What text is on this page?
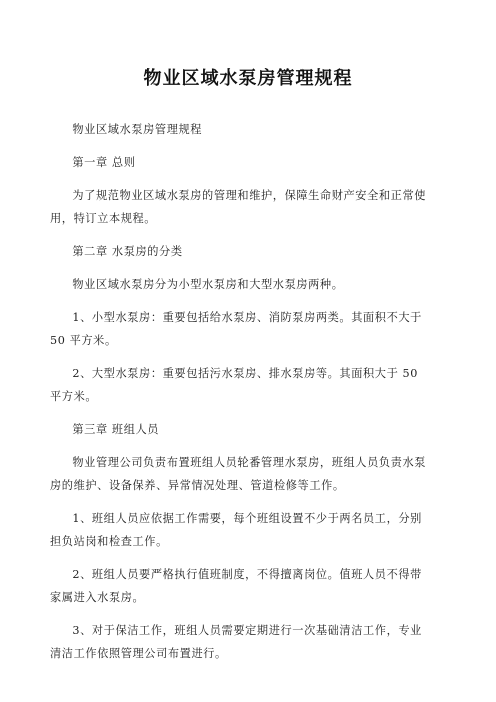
物业区域水泵房管理规程

物业区域水泵房管理规程

第一章 总则

为了规范物业区域水泵房的管理和维护，保障生命财产安全和正常使用，特订立本规程。

第二章 水泵房的分类

物业区域水泵房分为小型水泵房和大型水泵房两种。

1、小型水泵房：重要包括给水泵房、消防泵房两类。其面积不大于 50 平方米。

2、大型水泵房：重要包括污水泵房、排水泵房等。其面积大于 50 平方米。

第三章 班组人员

物业管理公司负责布置班组人员轮番管理水泵房，班组人员负责水泵房的维护、设备保养、异常情况处理、管道检修等工作。

1、班组人员应依据工作需要，每个班组设置不少于两名员工，分别担负站岗和检查工作。

2、班组人员要严格执行值班制度，不得擅离岗位。值班人员不得带家属进入水泵房。

3、对于保洁工作，班组人员需要定期进行一次基础清洁工作，专业清洁工作依照管理公司布置进行。
